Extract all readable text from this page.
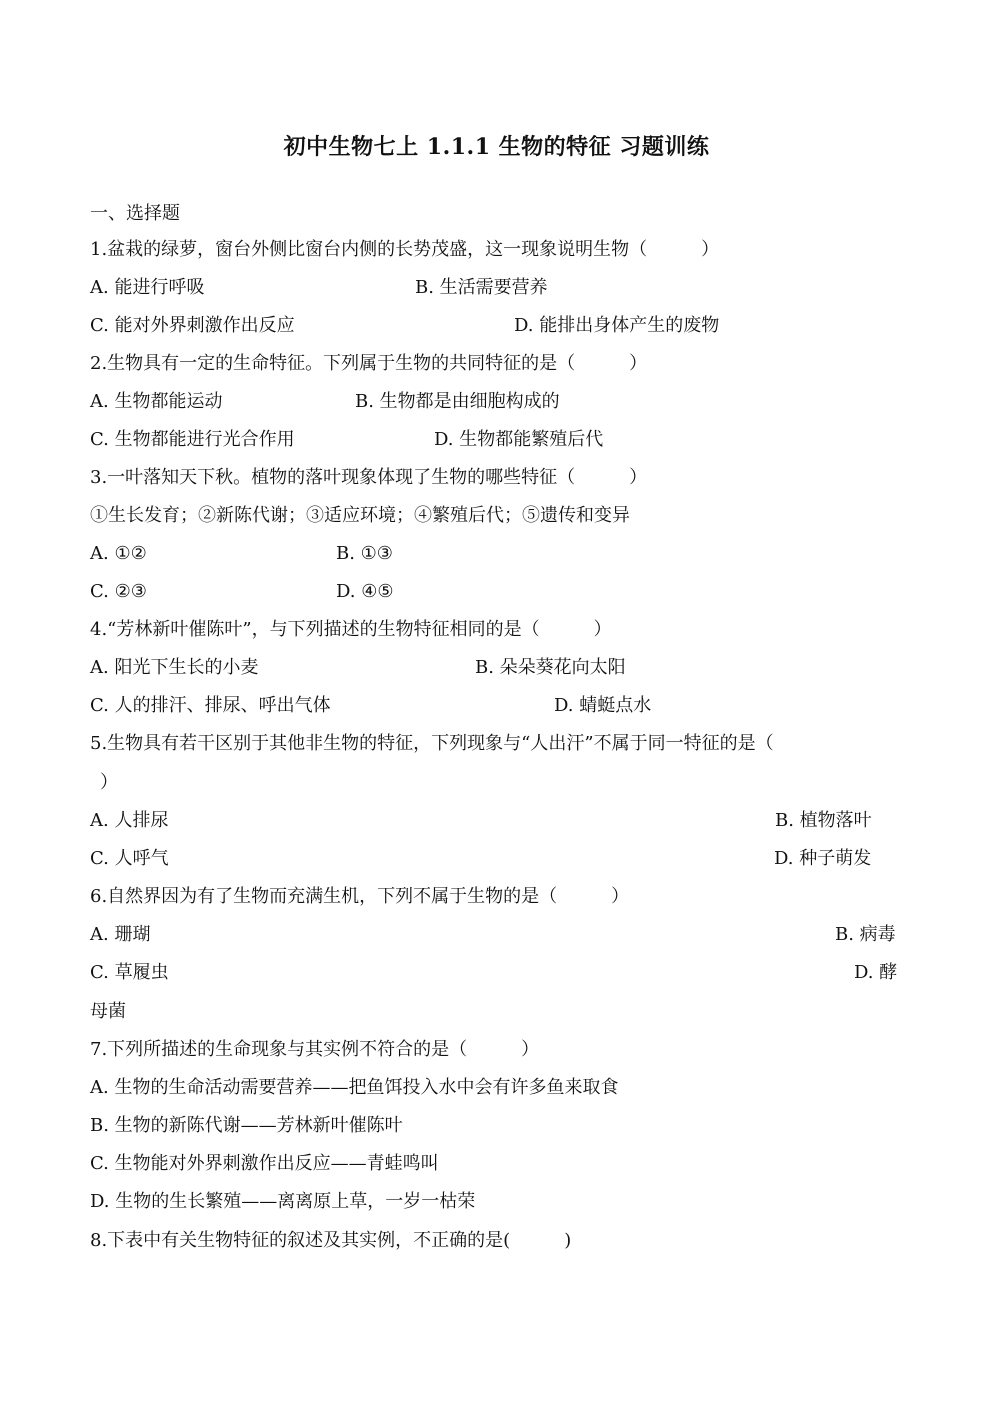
初中生物七上 1.1.1 生物的特征 习题训练
一、选择题
1.盆栽的绿萝，窗台外侧比窗台内侧的长势茂盛，这一现象说明生物（　　　）
A. 能进行呼吸	B. 生活需要营养
C. 能对外界刺激作出反应	D. 能排出身体产生的废物
2.生物具有一定的生命特征。下列属于生物的共同特征的是（　　　）
A. 生物都能运动	B. 生物都是由细胞构成的
C. 生物都能进行光合作用	D. 生物都能繁殖后代
3.一叶落知天下秋。植物的落叶现象体现了生物的哪些特征（　　　）
①生长发育；②新陈代谢；③适应环境；④繁殖后代；⑤遗传和变异
A. ①②	B. ①③
C. ②③	D. ④⑤
4.“芳林新叶催陈叶”，与下列描述的生物特征相同的是（　　　）
A. 阳光下生长的小麦	B. 朵朵葵花向太阳
C. 人的排汗、排尿、呼出气体	D. 蜻蜓点水
5.生物具有若干区别于其他非生物的特征，下列现象与“人出汗”不属于同一特征的是（
）
A. 人排尿	B. 植物落叶
C. 人呼气	D. 种子萌发
6.自然界因为有了生物而充满生机，下列不属于生物的是（　　　）
A. 珊瑚	B. 病毒
C. 草履虫	D. 酵
母菌
7.下列所描述的生命现象与其实例不符合的是（　　　）
A. 生物的生命活动需要营养——把鱼饵投入水中会有许多鱼来取食
B. 生物的新陈代谢——芳林新叶催陈叶
C. 生物能对外界刺激作出反应——青蛙鸣叫
D. 生物的生长繁殖——离离原上草，一岁一枯荣
8.下表中有关生物特征的叙述及其实例，不正确的是(　　　)
